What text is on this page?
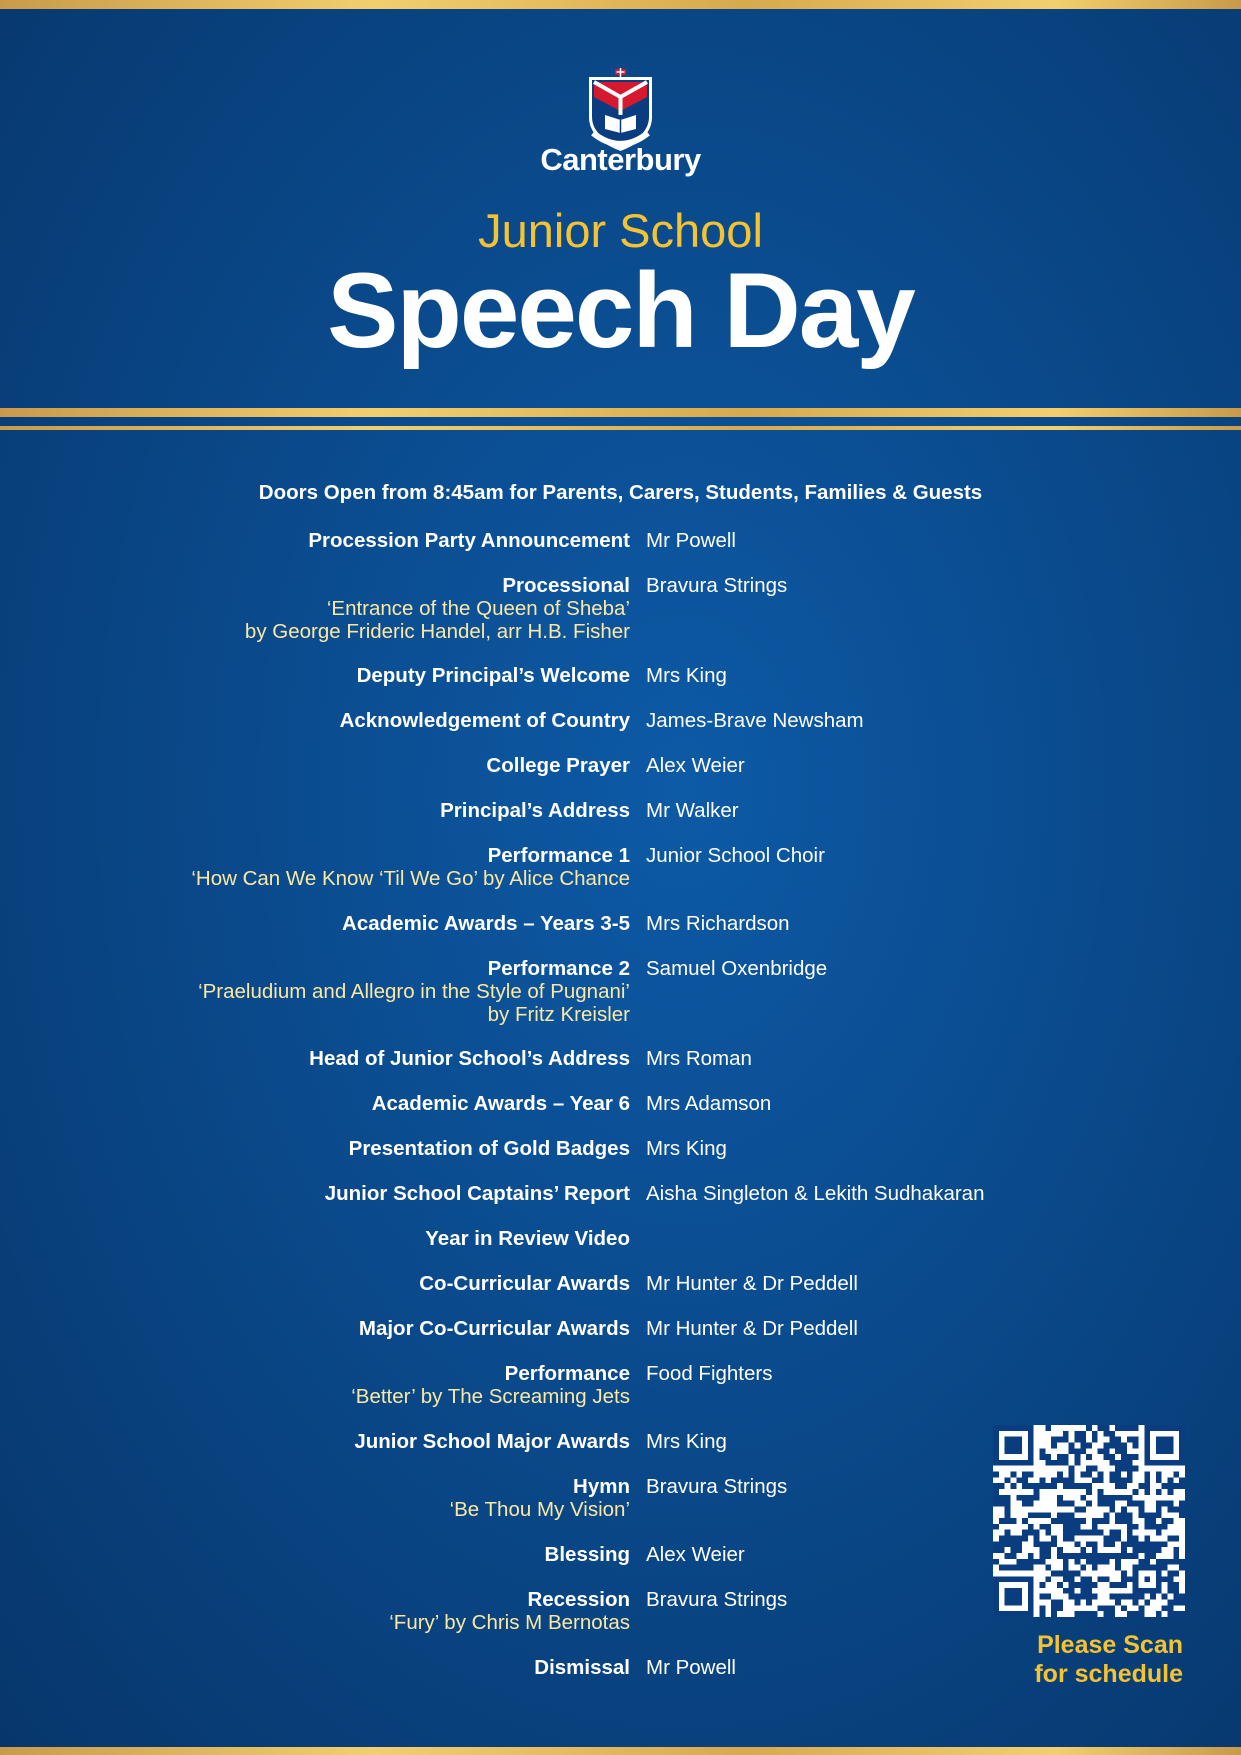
Canterbury
Junior School
Speech Day
Doors Open from 8:45am for Parents, Carers, Students, Families & Guests
Procession Party Announcement Mr Powell
Processional
‘Entrance of the Queen of Sheba’
by George Frideric Handel, arr H.B. Fisher
Bravura Strings
Deputy Principal’s Welcome Mrs King
Acknowledgement of Country James-Brave Newsham
College Prayer Alex Weier
Principal’s Address Mr Walker
Performance 1
‘How Can We Know ‘Til We Go’ by Alice Chance
Junior School Choir
Academic Awards – Years 3-5 Mrs Richardson
Performance 2
‘Praeludium and Allegro in the Style of Pugnani’
by Fritz Kreisler
Samuel Oxenbridge
Head of Junior School’s Address Mrs Roman
Academic Awards – Year 6 Mrs Adamson
Presentation of Gold Badges Mrs King
Junior School Captains’ Report Aisha Singleton & Lekith Sudhakaran
Year in Review Video
Co-Curricular Awards Mr Hunter & Dr Peddell
Major Co-Curricular Awards Mr Hunter & Dr Peddell
Performance
‘Better’ by The Screaming Jets
Food Fighters
Junior School Major Awards Mrs King
Hymn
‘Be Thou My Vision’
Bravura Strings
Blessing Alex Weier
Recession
‘Fury’ by Chris M Bernotas
Bravura Strings
Dismissal Mr Powell
Please Scan
for schedule
